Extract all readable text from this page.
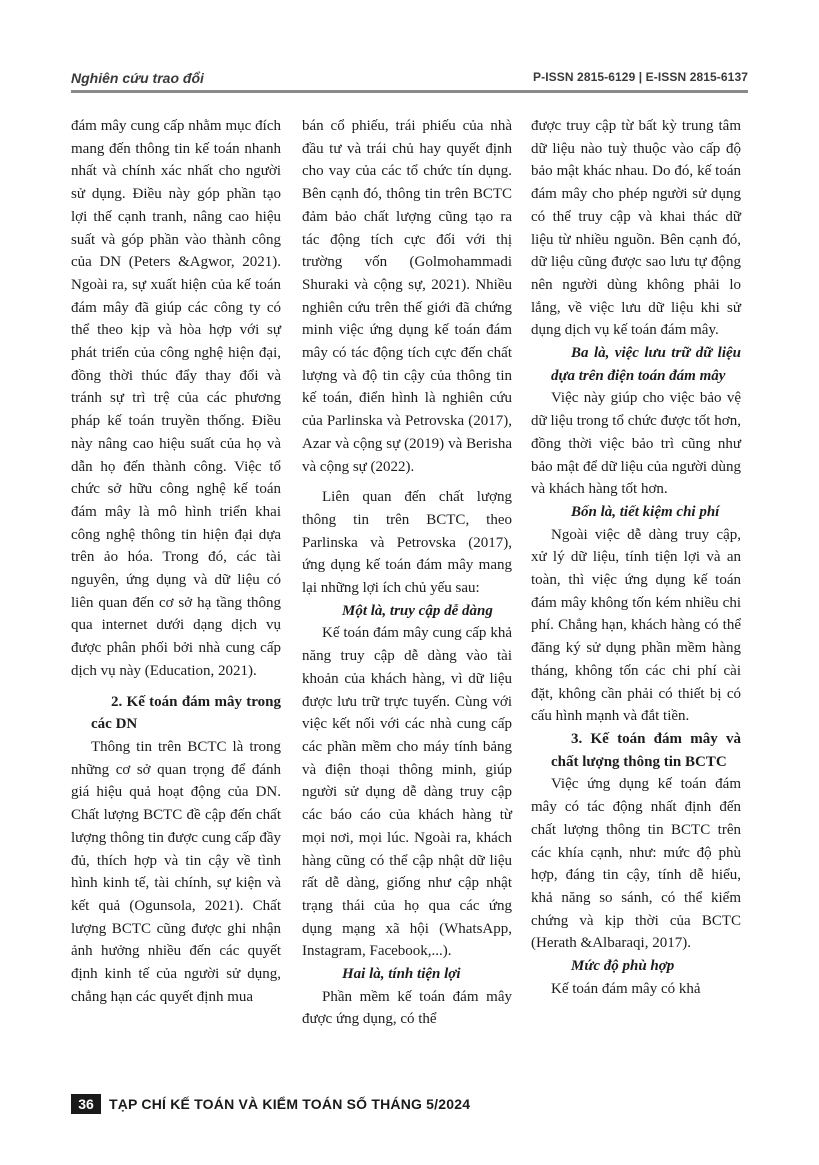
Nghiên cứu trao đổi	P-ISSN 2815-6129 | E-ISSN 2815-6137

đám mây cung cấp nhằm mục đích mang đến thông tin kế toán nhanh nhất và chính xác nhất cho người sử dụng. Điều này góp phần tạo lợi thế cạnh tranh, nâng cao hiệu suất và góp phần vào thành công của DN (Peters &Agwor, 2021). Ngoài ra, sự xuất hiện của kế toán đám mây đã giúp các công ty có thể theo kịp và hòa hợp với sự phát triển của công nghệ hiện đại, đồng thời thúc đẩy thay đổi và tránh sự trì trệ của các phương pháp kế toán truyền thống. Điều này nâng cao hiệu suất của họ và dẫn họ đến thành công. Việc tổ chức sở hữu công nghệ kế toán đám mây là mô hình triển khai công nghệ thông tin hiện đại dựa trên ảo hóa. Trong đó, các tài nguyên, ứng dụng và dữ liệu có liên quan đến cơ sở hạ tầng thông qua internet dưới dạng dịch vụ được phân phối bởi nhà cung cấp dịch vụ này (Education, 2021).

2. Kế toán đám mây trong các DN

Thông tin trên BCTC là trong những cơ sở quan trọng để đánh giá hiệu quả hoạt động của DN. Chất lượng BCTC đề cập đến chất lượng thông tin được cung cấp đầy đủ, thích hợp và tin cậy về tình hình kinh tế, tài chính, sự kiện và kết quả (Ogunsola, 2021). Chất lượng BCTC cũng được ghi nhận ảnh hưởng nhiều đến các quyết định kinh tế của người sử dụng, chẳng hạn các quyết định mua

bán cổ phiếu, trái phiếu của nhà đầu tư và trái chủ hay quyết định cho vay của các tổ chức tín dụng. Bên cạnh đó, thông tin trên BCTC đảm bảo chất lượng cũng tạo ra tác động tích cực đối với thị trường vốn (Golmohammadi Shuraki và cộng sự, 2021). Nhiều nghiên cứu trên thế giới đã chứng minh việc ứng dụng kế toán đám mây có tác động tích cực đến chất lượng và độ tin cậy của thông tin kế toán, điển hình là nghiên cứu của Parlinska và Petrovska (2017), Azar và cộng sự (2019) và Berisha và cộng sự (2022).

Liên quan đến chất lượng thông tin trên BCTC, theo Parlinska và Petrovska (2017), ứng dụng kế toán đám mây mang lại những lợi ích chủ yếu sau:

Một là, truy cập dễ dàng

Kế toán đám mây cung cấp khả năng truy cập dễ dàng vào tài khoản của khách hàng, vì dữ liệu được lưu trữ trực tuyến. Cùng với việc kết nối với các nhà cung cấp các phần mềm cho máy tính bảng và điện thoại thông minh, giúp người sử dụng dễ dàng truy cập các báo cáo của khách hàng từ mọi nơi, mọi lúc. Ngoài ra, khách hàng cũng có thể cập nhật dữ liệu rất dễ dàng, giống như cập nhật trạng thái của họ qua các ứng dụng mạng xã hội (WhatsApp, Instagram, Facebook,...).

Hai là, tính tiện lợi

Phần mềm kế toán đám mây được ứng dụng, có thể

được truy cập từ bất kỳ trung tâm dữ liệu nào tuỳ thuộc vào cấp độ bảo mật khác nhau. Do đó, kế toán đám mây cho phép người sử dụng có thể truy cập và khai thác dữ liệu từ nhiều nguồn. Bên cạnh đó, dữ liệu cũng được sao lưu tự động nên người dùng không phải lo lắng, về việc lưu dữ liệu khi sử dụng dịch vụ kế toán đám mây.

Ba là, việc lưu trữ dữ liệu dựa trên điện toán đám mây

Việc này giúp cho việc bảo vệ dữ liệu trong tổ chức được tốt hơn, đồng thời việc bảo trì cũng như bảo mật để dữ liệu của người dùng và khách hàng tốt hơn.

Bốn là, tiết kiệm chi phí

Ngoài việc dễ dàng truy cập, xử lý dữ liệu, tính tiện lợi và an toàn, thì việc ứng dụng kế toán đám mây không tốn kém nhiều chi phí. Chẳng hạn, khách hàng có thể đăng ký sử dụng phần mềm hàng tháng, không tốn các chi phí cài đặt, không cần phải có thiết bị có cấu hình mạnh và đắt tiền.

3. Kế toán đám mây và chất lượng thông tin BCTC

Việc ứng dụng kế toán đám mây có tác động nhất định đến chất lượng thông tin BCTC trên các khía cạnh, như: mức độ phù hợp, đáng tin cậy, tính dễ hiểu, khả năng so sánh, có thể kiểm chứng và kịp thời của BCTC (Herath &Albaraqi, 2017).

Mức độ phù hợp

Kế toán đám mây có khả

36	TẠP CHÍ KẾ TOÁN VÀ KIỂM TOÁN SỐ THÁNG 5/2024
